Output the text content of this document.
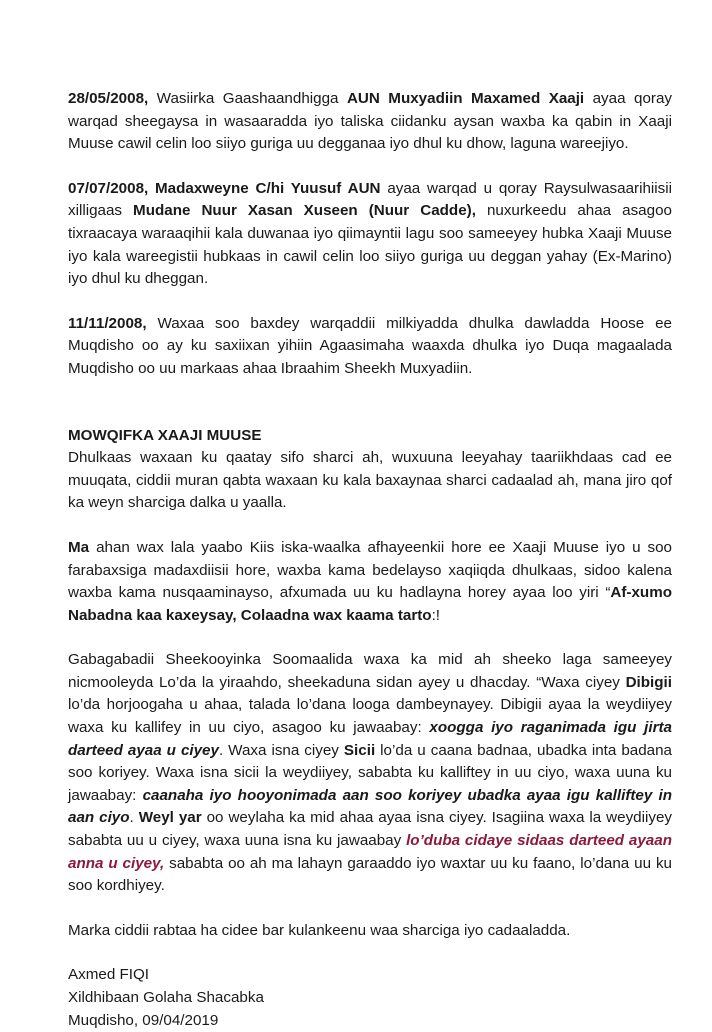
28/05/2008, Wasiirka Gaashaandhigga AUN Muxyadiin Maxamed Xaaji ayaa qoray warqad sheegaysa in wasaaradda iyo taliska ciidanku aysan waxba ka qabin in Xaaji Muuse cawil celin loo siiyo guriga uu degganaa iyo dhul ku dhow, laguna wareejiyo.

07/07/2008, Madaxweyne C/hi Yuusuf AUN ayaa warqad u qoray Raysulwasaarihiisii xilligaas Mudane Nuur Xasan Xuseen (Nuur Cadde), nuxurkeedu ahaa asagoo tixraacaya waraaqihii kala duwanaa iyo qiimayntii lagu soo sameeyey hubka Xaaji Muuse iyo kala wareegistii hubkaas in cawil celin loo siiyo guriga uu deggan yahay (Ex-Marino) iyo dhul ku dheggan.

11/11/2008, Waxaa soo baxdey warqaddii milkiyadda dhulka dawladda Hoose ee Muqdisho oo ay ku saxiixan yihiin Agaasimaha waaxda dhulka iyo Duqa magaalada Muqdisho oo uu markaas ahaa Ibraahim Sheekh Muxyadiin.

MOWQIFKA XAAJI MUUSE

Dhulkaas waxaan ku qaatay sifo sharci ah, wuxuuna leeyahay taariikhdaas cad ee muuqata, ciddii muran qabta waxaan ku kala baxaynaa sharci cadaalad ah, mana jiro qof ka weyn sharciga dalka u yaalla.

Ma ahan wax lala yaabo Kiis iska-waalka afhayeenkii hore ee Xaaji Muuse iyo u soo farabaxsiga madaxdiisii hore, waxba kama bedelayso xaqiiqda dhulkaas, sidoo kalena waxba kama nusqaaminayso, afxumada uu ku hadlayna horey ayaa loo yiri “Af-xumo Nabadna kaa kaxeysay, Colaadna wax kaama tarto:!

Gabagabadii Sheekooyinka Soomaalida waxa ka mid ah sheeko laga sameeyey nicmooleyda Lo’da la yiraahdo, sheekaduna sidan ayey u dhacday. “Waxa ciyey Dibigii lo’da horjoogaha u ahaa, talada lo’dana looga dambeynayey. Dibigii ayaa la weydiiyey waxa ku kallifey in uu ciyo, asagoo ku jawaabay: xoogga iyo raganimada igu jirta darteed ayaa u ciyey. Waxa isna ciyey Sicii lo’da u caana badnaa, ubadka inta badana soo koriyey. Waxa isna sicii la weydiiyey, sababta ku kalliftey in uu ciyo, waxa uuna ku jawaabay: caanaha iyo hooyonimada aan soo koriyey ubadka ayaa igu kalliftey in aan ciyo. Weyl yar oo weylaha ka mid ahaa ayaa isna ciyey. Isagiina waxa la weydiiyey sababta uu u ciyey, waxa uuna isna ku jawaabay lo’duba cidaye sidaas darteed ayaan anna u ciyey, sababta oo ah ma lahayn garaaddo iyo waxtar uu ku faano, lo’dana uu ku soo kordhiyey.

Marka ciddii rabtaa ha cidee bar kulankeenu waa sharciga iyo cadaaladda.

Axmed FIQI

Xildhibaan Golaha Shacabka

Muqdisho, 09/04/2019
